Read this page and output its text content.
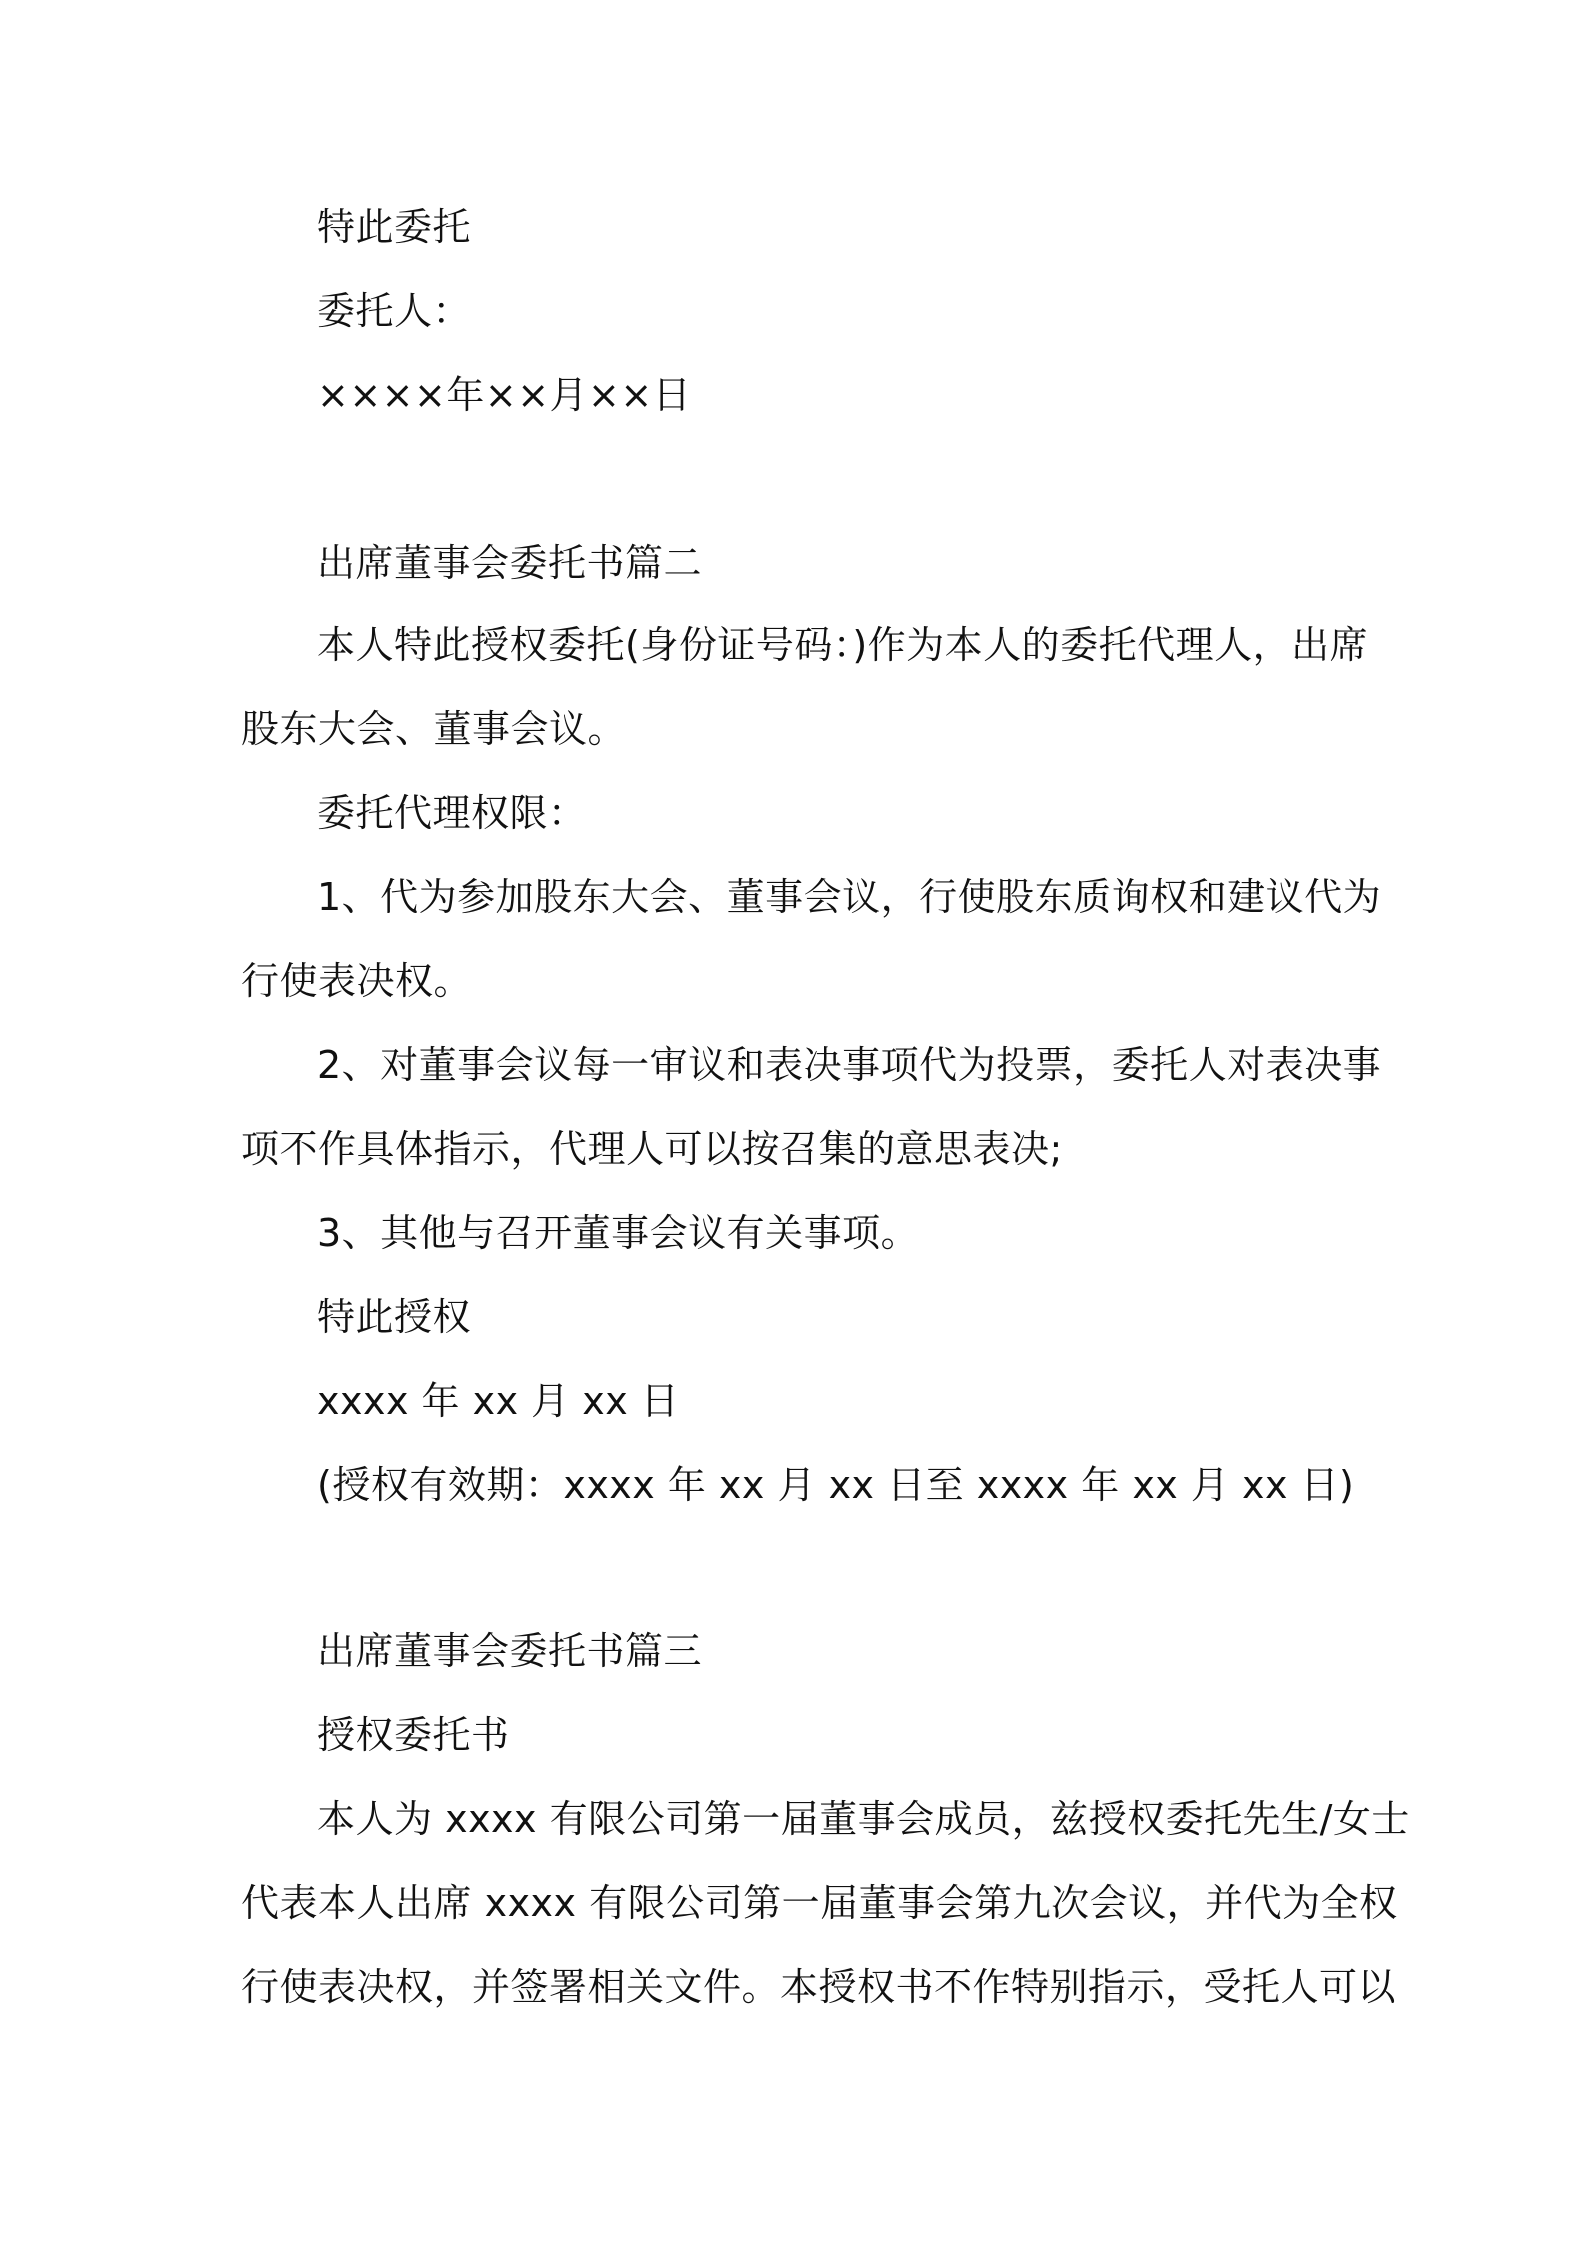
特此委托
委托人：
××××年××月××日
出席董事会委托书篇二
本人特此授权委托(身份证号码：)作为本人的委托代理人，出席
股东大会、董事会议。
委托代理权限：
1、代为参加股东大会、董事会议，行使股东质询权和建议代为
行使表决权。
2、对董事会议每一审议和表决事项代为投票，委托人对表决事
项不作具体指示，代理人可以按召集的意思表决;
3、其他与召开董事会议有关事项。
特此授权
xxxx 年 xx 月 xx 日
(授权有效期：xxxx 年 xx 月 xx 日至 xxxx 年 xx 月 xx 日)
出席董事会委托书篇三
授权委托书
本人为 xxxx 有限公司第一届董事会成员，兹授权委托先生/女士
代表本人出席 xxxx 有限公司第一届董事会第九次会议，并代为全权
行使表决权，并签署相关文件。本授权书不作特别指示，受托人可以
